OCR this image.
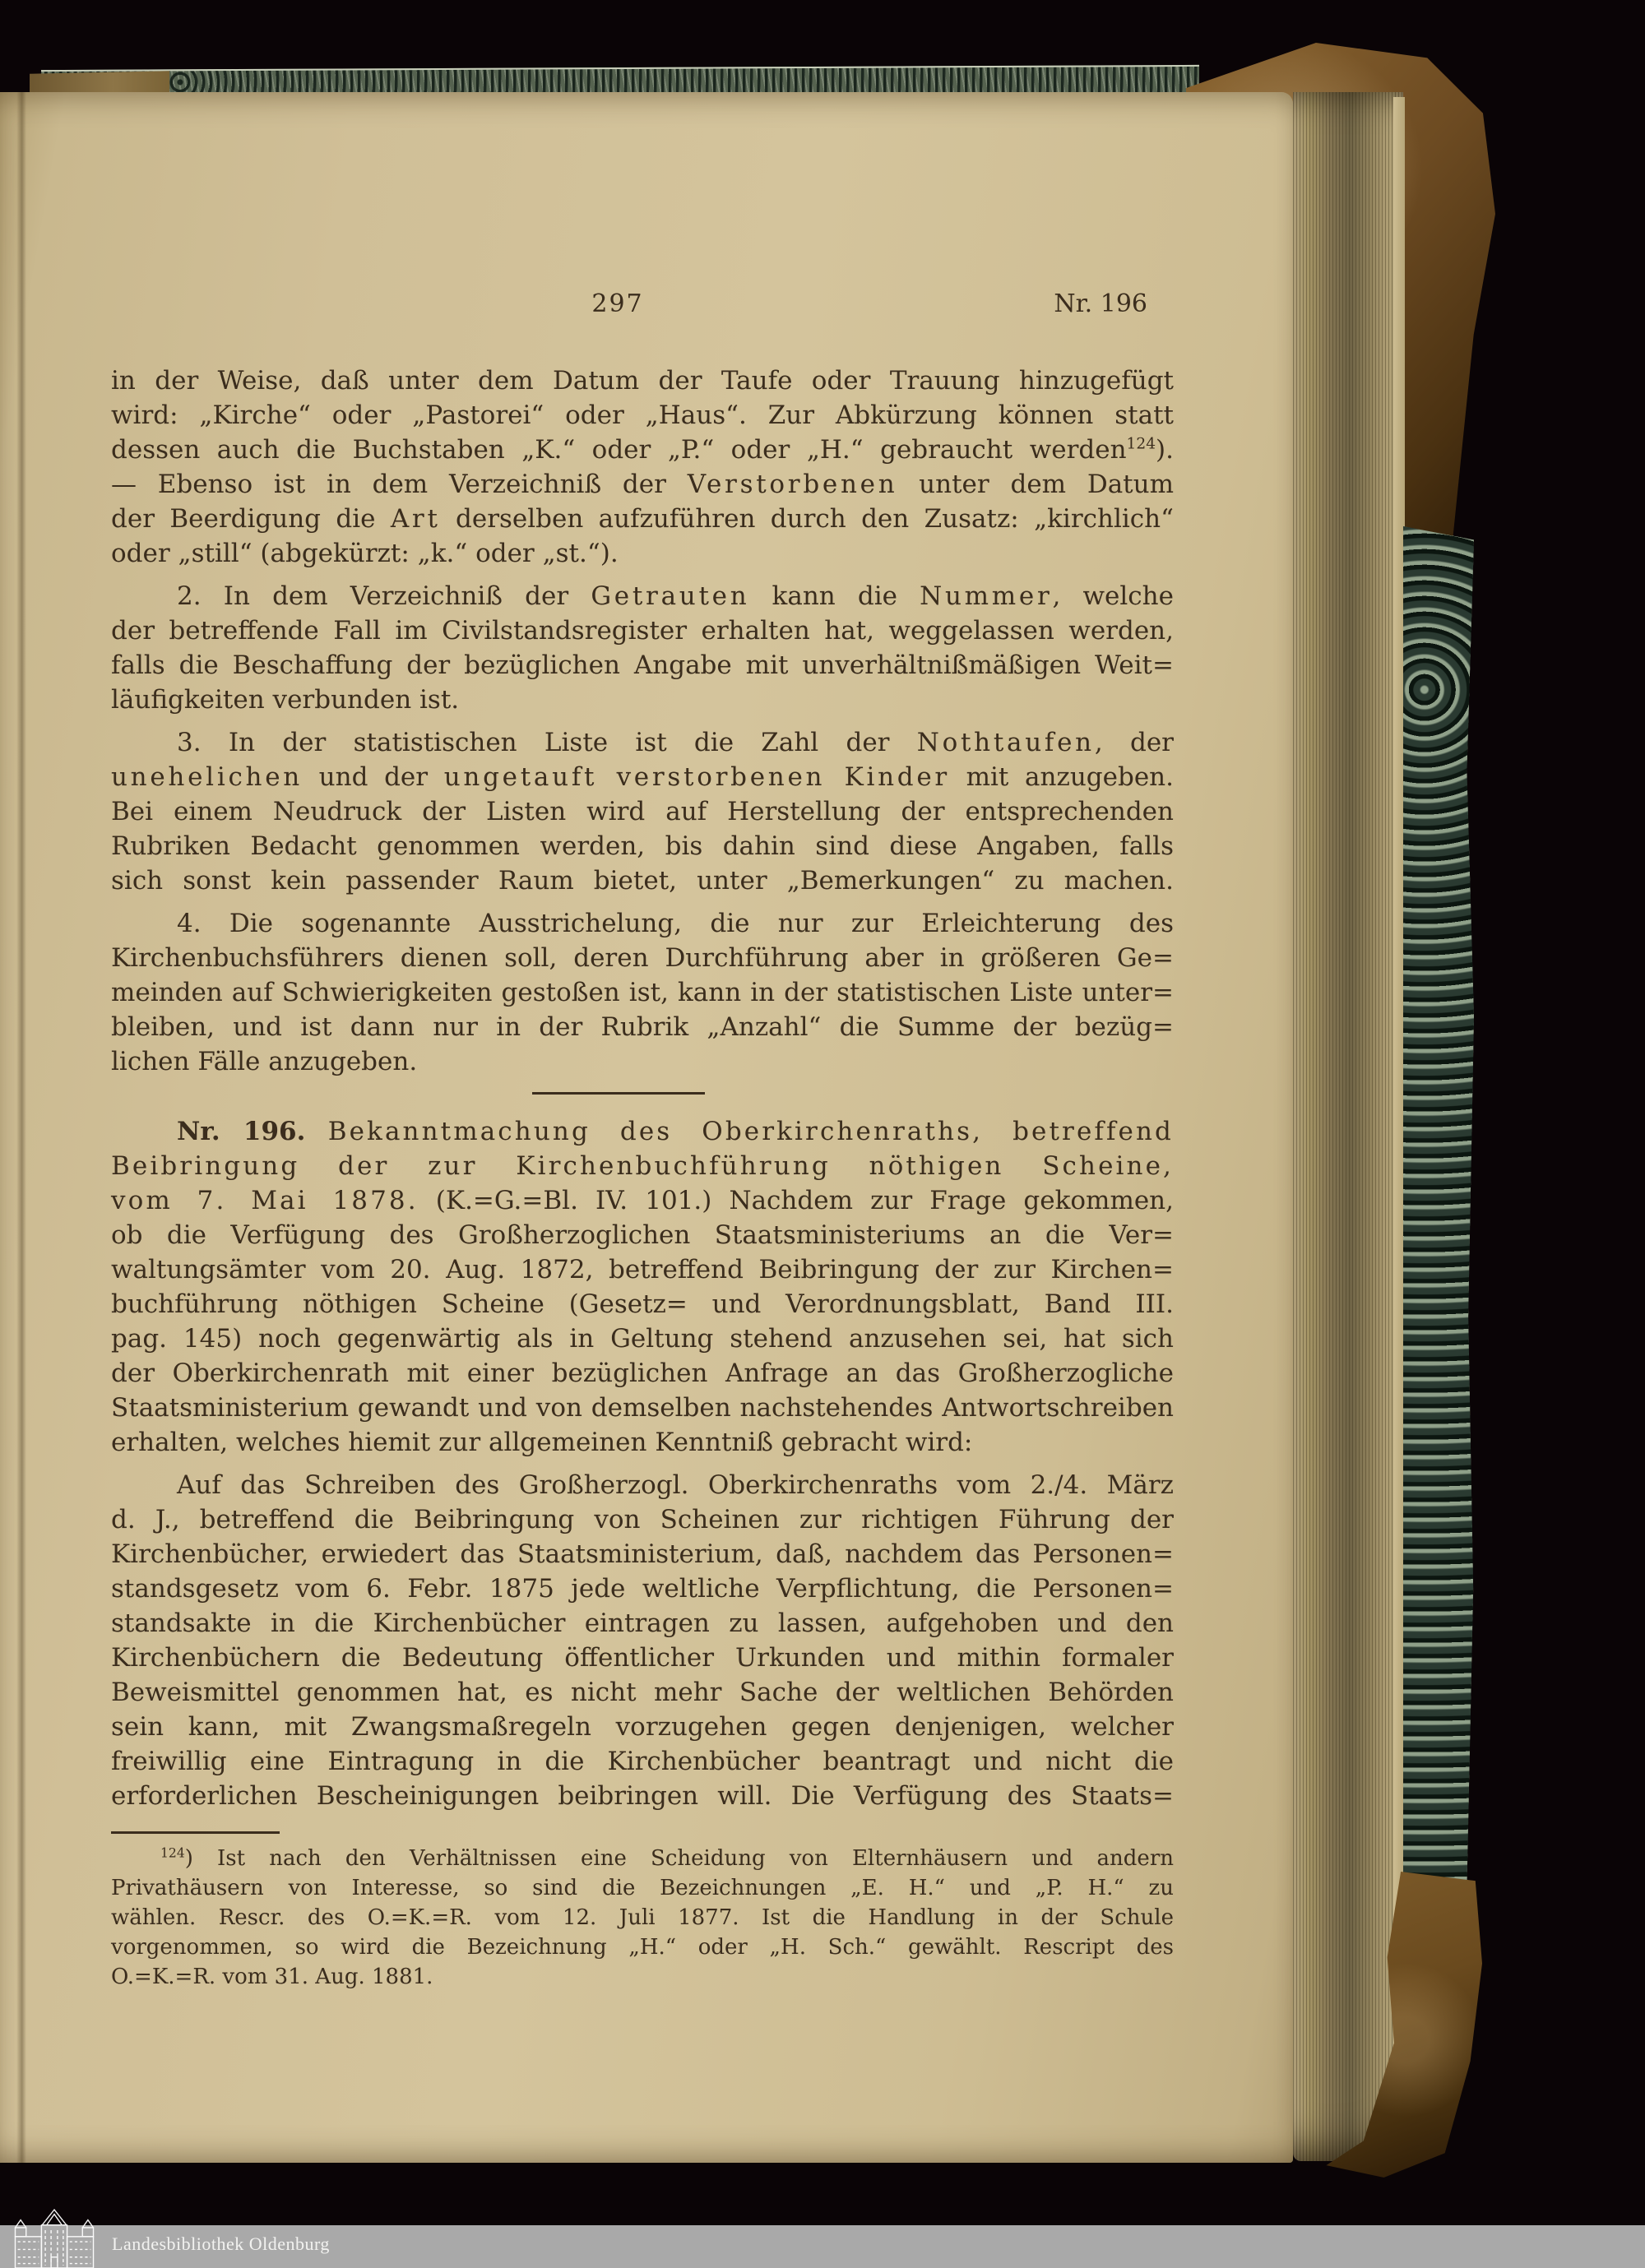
297	Nr. 196
in der Weise, daß unter dem Datum der Taufe oder Trauung hinzugefügt
wird: „Kirche“ oder „Pastorei“ oder „Haus“. Zur Abkürzung können statt
dessen auch die Buchstaben „K.“ oder „P.“ oder „H.“ gebraucht werden$^{124}$).
— Ebenso ist in dem Verzeichniß der Verstorbenen unter dem Datum
der Beerdigung die Art derselben aufzuführen durch den Zusatz: „kirchlich“
oder „still“ (abgekürzt: „k.“ oder „st.“).
2. In dem Verzeichniß der Getrauten kann die Nummer, welche
der betreffende Fall im Civilstandsregister erhalten hat, weggelassen werden,
falls die Beschaffung der bezüglichen Angabe mit unverhältnißmäßigen Weit=
läufigkeiten verbunden ist.
3. In der statistischen Liste ist die Zahl der Nothtaufen, der
unehelichen und der ungetauft verstorbenen Kinder mit anzugeben.
Bei einem Neudruck der Listen wird auf Herstellung der entsprechenden
Rubriken Bedacht genommen werden, bis dahin sind diese Angaben, falls
sich sonst kein passender Raum bietet, unter „Bemerkungen“ zu machen.
4. Die sogenannte Ausstrichelung, die nur zur Erleichterung des
Kirchenbuchsführers dienen soll, deren Durchführung aber in größeren Ge=
meinden auf Schwierigkeiten gestoßen ist, kann in der statistischen Liste unter=
bleiben, und ist dann nur in der Rubrik „Anzahl“ die Summe der bezüg=
lichen Fälle anzugeben.
Nr. 196. Bekanntmachung des Oberkirchenraths, betreffend
Beibringung der zur Kirchenbuchführung nöthigen Scheine,
vom 7. Mai 1878. (K.=G.=Bl. IV. 101.) Nachdem zur Frage gekommen,
ob die Verfügung des Großherzoglichen Staatsministeriums an die Ver=
waltungsämter vom 20. Aug. 1872, betreffend Beibringung der zur Kirchen=
buchführung nöthigen Scheine (Gesetz= und Verordnungsblatt, Band III.
pag. 145) noch gegenwärtig als in Geltung stehend anzusehen sei, hat sich
der Oberkirchenrath mit einer bezüglichen Anfrage an das Großherzogliche
Staatsministerium gewandt und von demselben nachstehendes Antwortschreiben
erhalten, welches hiemit zur allgemeinen Kenntniß gebracht wird:
Auf das Schreiben des Großherzogl. Oberkirchenraths vom 2./4. März
d. J., betreffend die Beibringung von Scheinen zur richtigen Führung der
Kirchenbücher, erwiedert das Staatsministerium, daß, nachdem das Personen=
standsgesetz vom 6. Febr. 1875 jede weltliche Verpflichtung, die Personen=
standsakte in die Kirchenbücher eintragen zu lassen, aufgehoben und den
Kirchenbüchern die Bedeutung öffentlicher Urkunden und mithin formaler
Beweismittel genommen hat, es nicht mehr Sache der weltlichen Behörden
sein kann, mit Zwangsmaßregeln vorzugehen gegen denjenigen, welcher
freiwillig eine Eintragung in die Kirchenbücher beantragt und nicht die
erforderlichen Bescheinigungen beibringen will. Die Verfügung des Staats=
$^{124}$) Ist nach den Verhältnissen eine Scheidung von Elternhäusern und andern
Privathäusern von Interesse, so sind die Bezeichnungen „E. H.“ und „P. H.“ zu
wählen. Rescr. des O.=K.=R. vom 12. Juli 1877. Ist die Handlung in der Schule
vorgenommen, so wird die Bezeichnung „H.“ oder „H. Sch.“ gewählt. Rescript des
O.=K.=R. vom 31. Aug. 1881.
Landesbibliothek Oldenburg
